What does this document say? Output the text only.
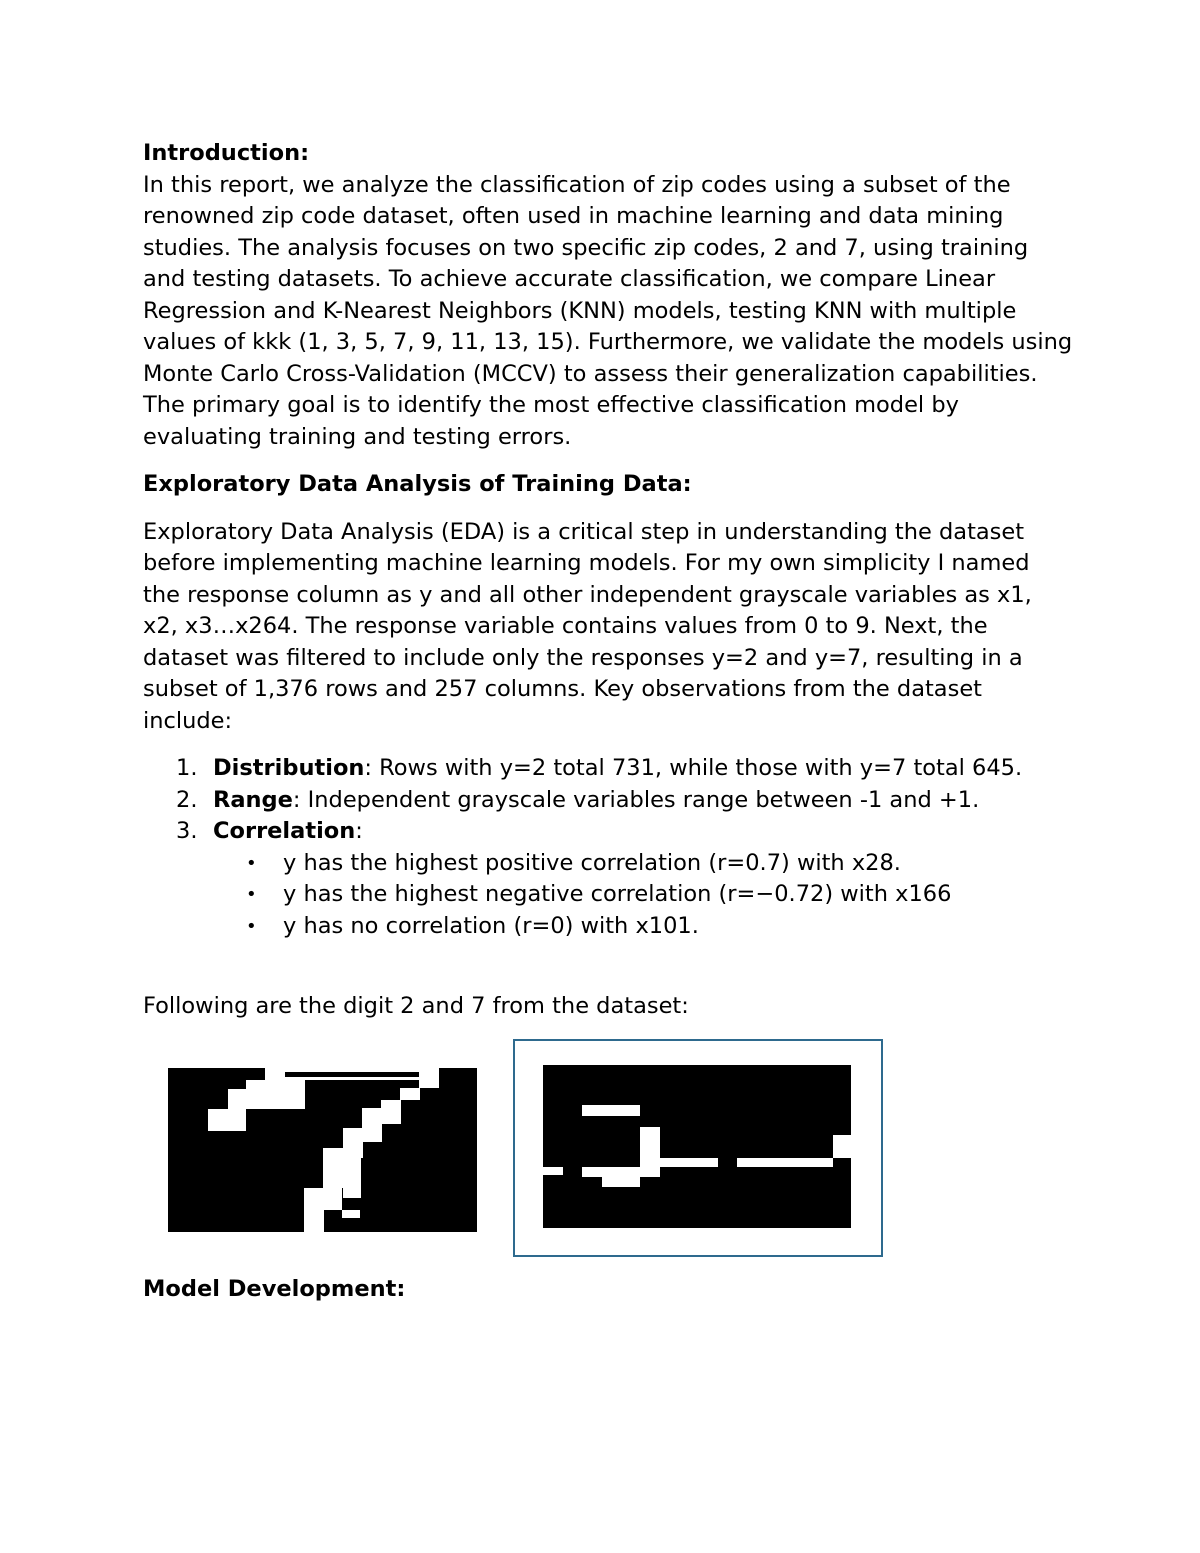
Introduction:

In this report, we analyze the classification of zip codes using a subset of the renowned zip code dataset, often used in machine learning and data mining studies. The analysis focuses on two specific zip codes, 2 and 7, using training and testing datasets. To achieve accurate classification, we compare Linear Regression and K-Nearest Neighbors (KNN) models, testing KNN with multiple values of kkk (1, 3, 5, 7, 9, 11, 13, 15). Furthermore, we validate the models using Monte Carlo Cross-Validation (MCCV) to assess their generalization capabilities. The primary goal is to identify the most effective classification model by evaluating training and testing errors.

Exploratory Data Analysis of Training Data:

Exploratory Data Analysis (EDA) is a critical step in understanding the dataset before implementing machine learning models. For my own simplicity I named the response column as y and all other independent grayscale variables as x1, x2, x3…x264. The response variable contains values from 0 to 9. Next, the dataset was filtered to include only the responses y=2 and y=7, resulting in a subset of 1,376 rows and 257 columns. Key observations from the dataset include:

1. Distribution: Rows with y=2 total 731, while those with y=7 total 645.
2. Range: Independent grayscale variables range between -1 and +1.
3. Correlation:
• y has the highest positive correlation (r=0.7) with x28.
• y has the highest negative correlation (r=−0.72) with x166
• y has no correlation (r=0) with x101.

Following are the digit 2 and 7 from the dataset:

Model Development:
